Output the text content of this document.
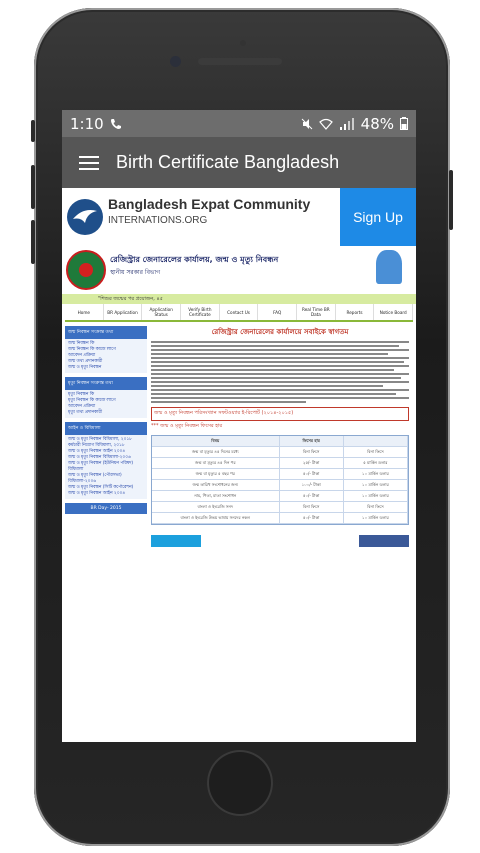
1:10	48%
Birth Certificate Bangladesh
Bangladesh Expat Community
INTERNATIONS.ORG	Sign Up
রেজিস্ট্রার জেনারেলের কার্যালয়, জন্ম ও মৃত্যু নিবন্ধন
স্থানীয় সরকার বিভাগ
"শিশুর জন্মের পর প্রয়োজন, ৪৫
Home	BR Application	Application Status
Verify Birth Certificate	Contact Us	FAQ	Real Time BR Data	Reports	Notice Board
জন্ম নিবন্ধন সংক্রান্ত তথ্য
জন্ম নিবন্ধন কি
জন্ম নিবন্ধন কি কাজে লাগে
আবেদন প্রক্রিয়া
জন্ম তথ্য প্রদানকারী
জন্ম ও মৃত্যু নিবন্ধন
মৃত্যু নিবন্ধন সংক্রান্ত তথ্য
মৃত্যু নিবন্ধন কি
মৃত্যু নিবন্ধন কি কাজে লাগে
আবেদন প্রক্রিয়া
মৃত্যু তথ্য প্রদানকারী
আইন ও বিধিমালা
জন্ম ও মৃত্যু নিবন্ধন বিধিমালা, ২০১৮
কর্মচারী নিয়োগ বিধিমালা, ২০১৮
জন্ম ও মৃত্যু নিবন্ধন আইন ২০০৪
জন্ম ও মৃত্যু নিবন্ধন বিধিমালা-২০০৬
জন্ম ও মৃত্যু নিবন্ধন (ইউনিয়ন পরিষদ) বিধিমালা
জন্ম ও মৃত্যু নিবন্ধন (পৌরসভা) বিধিমালা-২০০৬
জন্ম ও মৃত্যু নিবন্ধন (সিটি কর্পোরেশন)
জন্ম ও মৃত্যু নিবন্ধন আইন ২০০৪
BR Day- 2015
রেজিস্ট্রার জেনারেলের কার্যালয়ে সবাইকে স্বাগতম
জন্ম ও মৃত্যু নিবন্ধন পরিসংখ্যান সফটওয়্যার ই-রিপোর্ট (২০১৪-২০১৫)
*** জন্ম ও মৃত্যু নিবন্ধন ফিসের হার
বিষয়	ফিসের হার
জন্ম বা মৃত্যুর ৪৫ দিনের মধ্যে	বিনা ফিসে	বিনা ফিসে
জন্ম বা মৃত্যুর ৪৫ দিন পর	২৫/- টাকা	৫ মার্কিন ডলার
জন্ম বা মৃত্যুর ৫ বছর পর	৫০/- টাকা	১০ মার্কিন ডলার
জন্ম তারিখ সংশোধনের জন্য	১০০/- টাকা	১০ মার্কিন ডলার
নাম, পিতা, মাতা সংশোধন	৫০/- টাকা	১০ মার্কিন ডলার
বাংলা ও ইংরেজি সনদ	বিনা ফিসে	বিনা ফিসে
বাংলা ও ইংরেজি উভয় ভাষায় সনদের নকল	৫০/- টাকা	১০ মার্কিন ডলার
